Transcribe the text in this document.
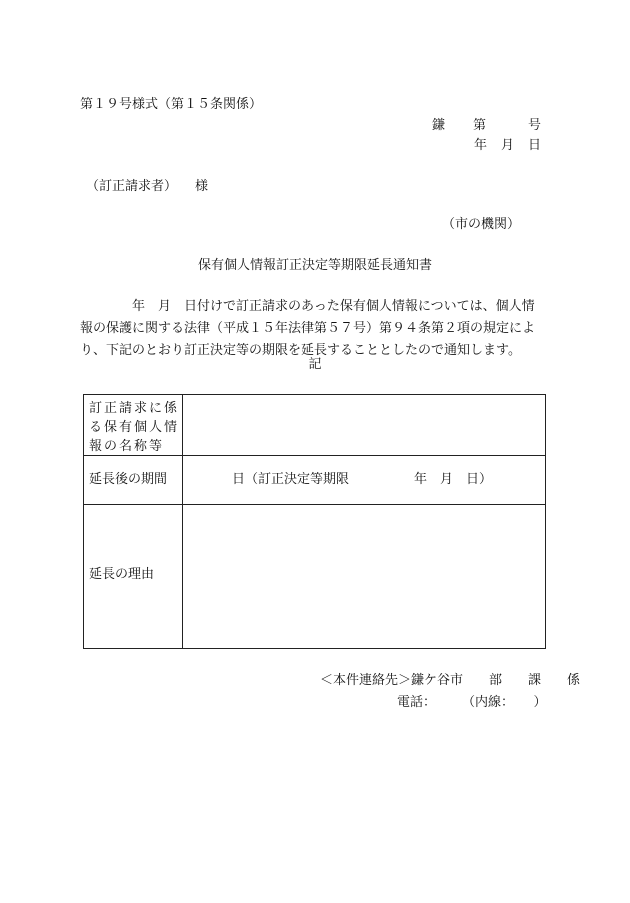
第１９号様式（第１５条関係）
鎌 第	号
年 月 日
（訂正請求者） 様
（市の機関）
保有個人情報訂正決定等期限延長通知書
　　　　年　月　日付けで訂正請求のあった保有個人情報については、個人情
報の保護に関する法律（平成１５年法律第５７号）第９４条第２項の規定によ
り、下記のとおり訂正決定等の期限を延長することとしたので通知します。
記
訂正請求に係る保有個人情報の名称等
延長後の期間	日（訂正決定等期限　　　　　年　月　日）
延長の理由
＜本件連絡先＞鎌ケ谷市　　部　　課　　係
電話：　　　（内線：　　）
